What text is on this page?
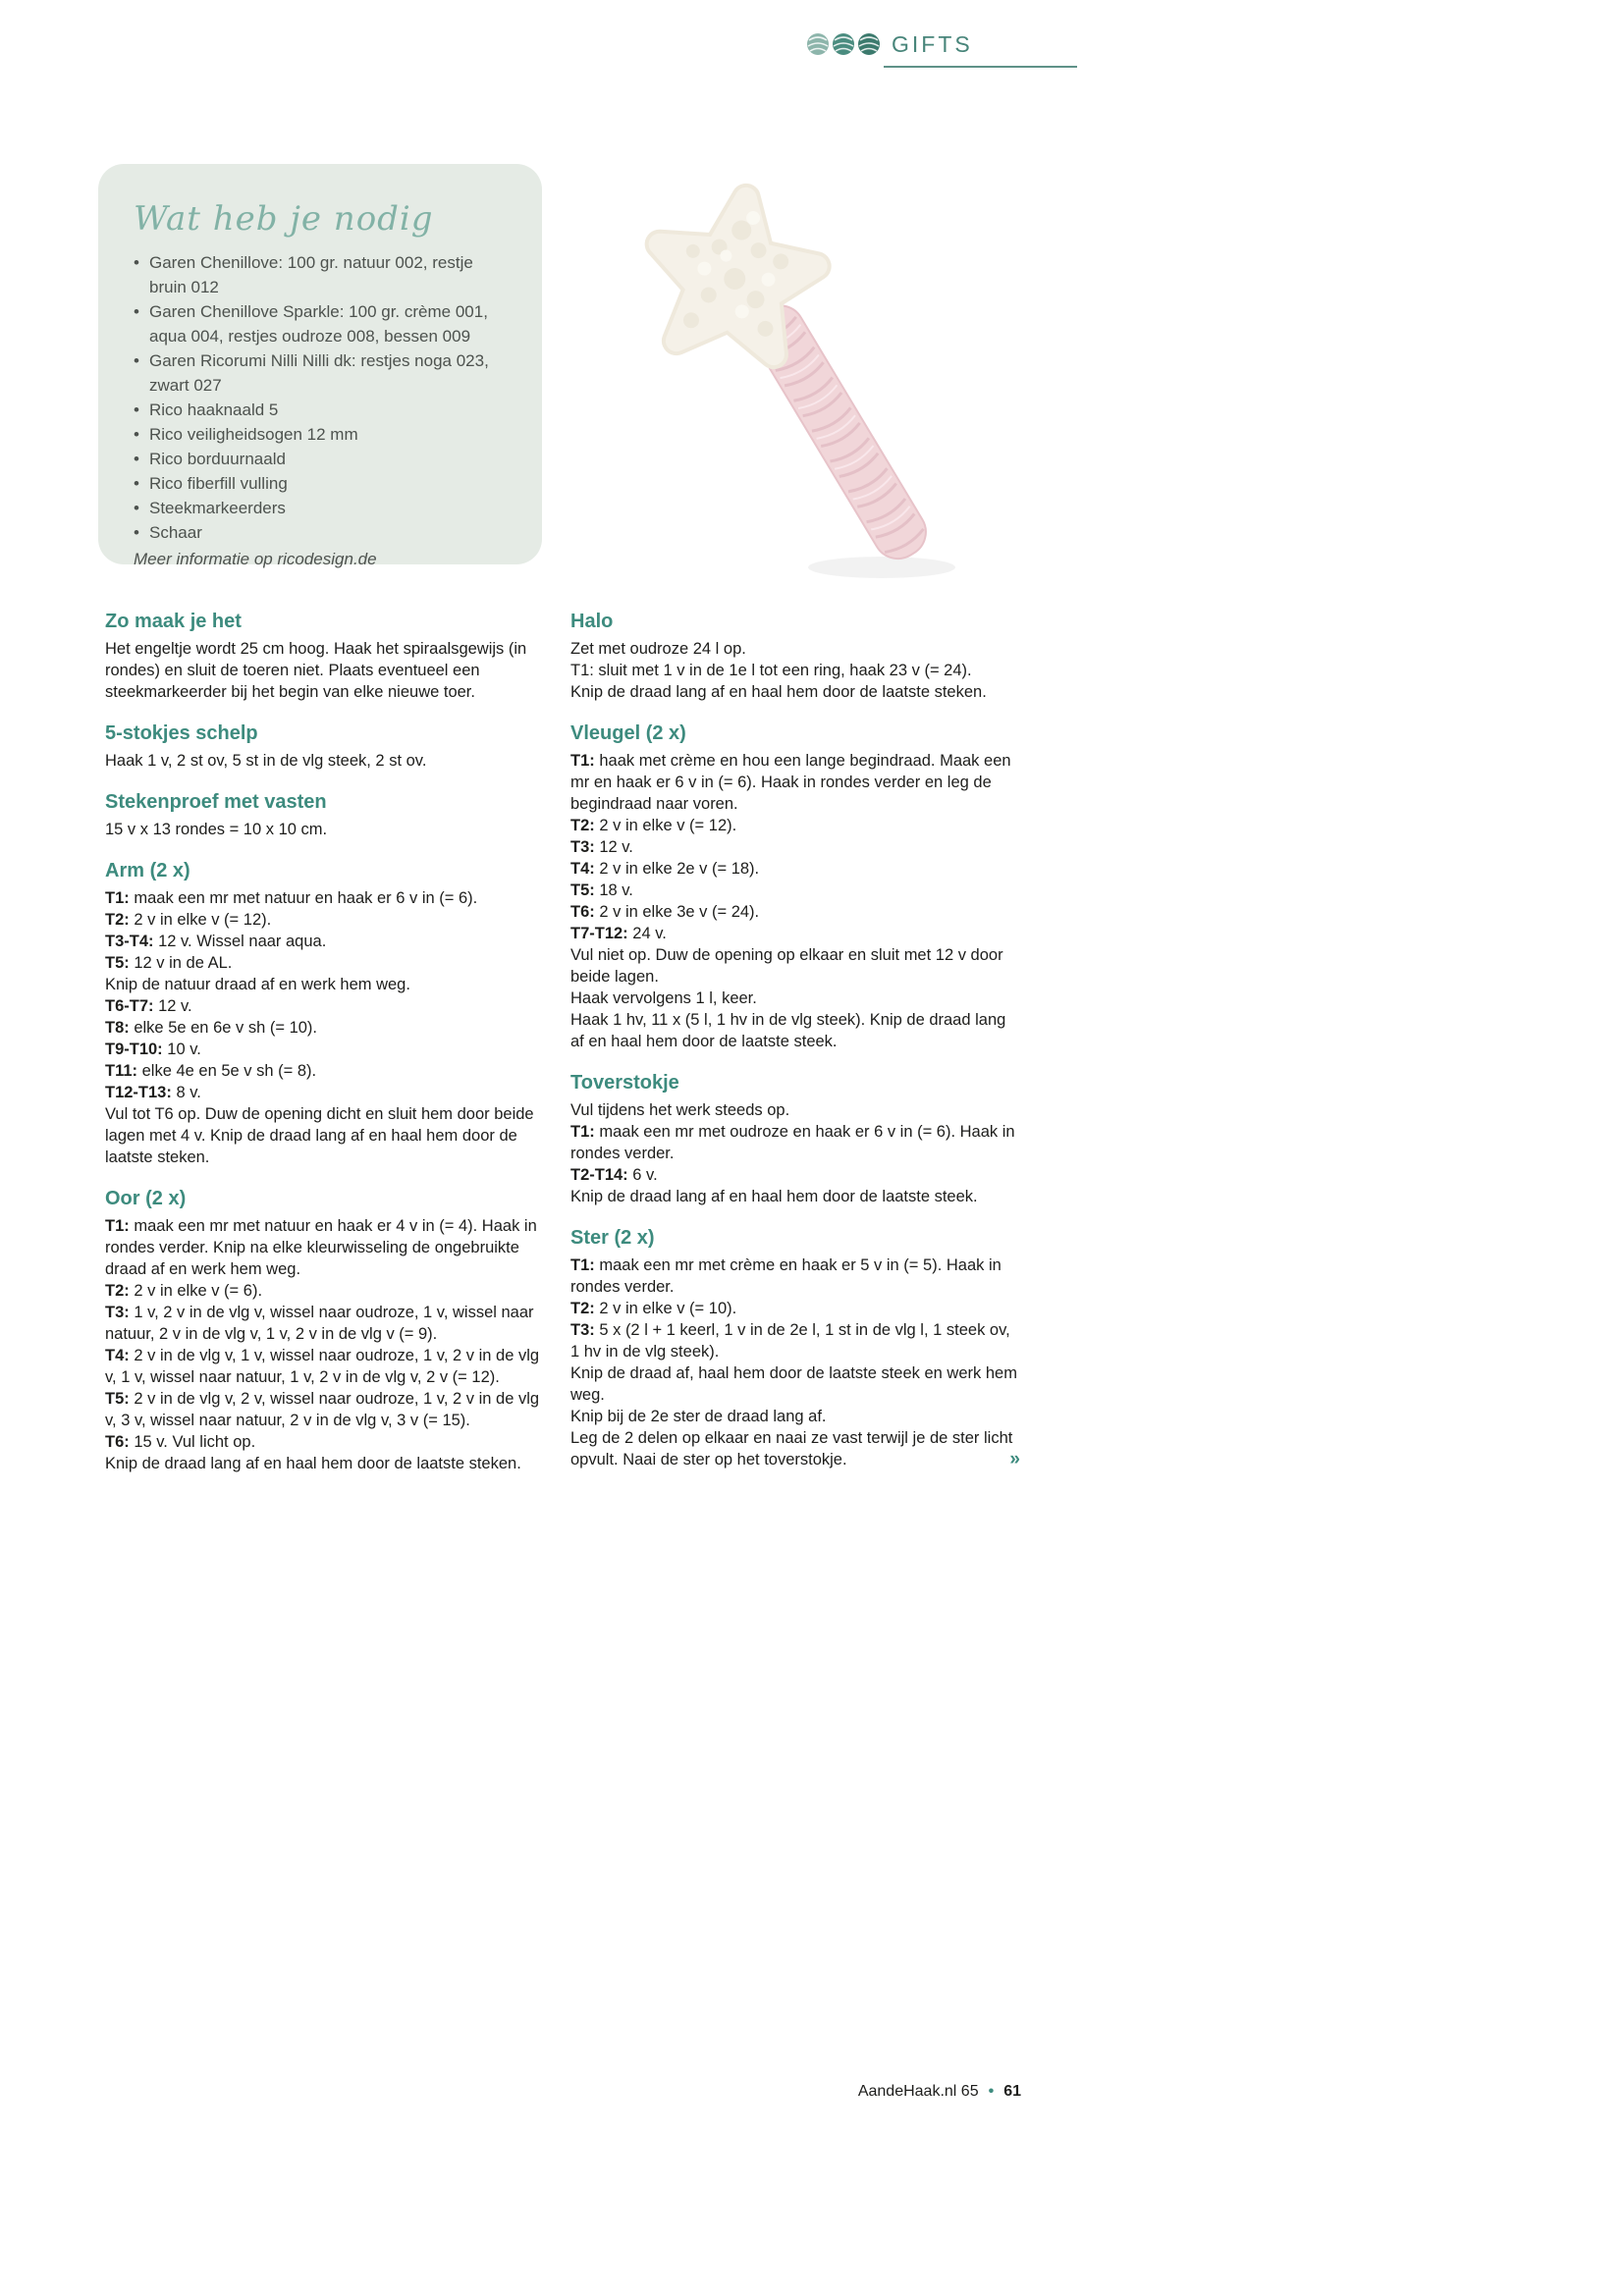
GIFTS
Wat heb je nodig
• Garen Chenillove: 100 gr. natuur 002, restje bruin 012
• Garen Chenillove Sparkle: 100 gr. crème 001, aqua 004, restjes oudroze 008, bessen 009
• Garen Ricorumi Nilli Nilli dk: restjes noga 023, zwart 027
• Rico haaknaald 5
• Rico veiligheidsogen 12 mm
• Rico borduurnaald
• Rico fiberfill vulling
• Steekmarkeerders
• Schaar

Meer informatie op ricodesign.de

Zo maak je het

Het engeltje wordt 25 cm hoog. Haak het spiraalsgewijs (in rondes) en sluit de toeren niet. Plaats eventueel een steekmarkeerder bij het begin van elke nieuwe toer.

5-stokjes schelp

Haak 1 v, 2 st ov, 5 st in de vlg steek, 2 st ov.

Stekenproef met vasten

15 v x 13 rondes = 10 x 10 cm.

Arm (2 x)

T1: maak een mr met natuur en haak er 6 v in (= 6).

T2: 2 v in elke v (= 12).

T3-T4: 12 v. Wissel naar aqua.

T5: 12 v in de AL.

Knip de natuur draad af en werk hem weg.

T6-T7: 12 v.

T8: elke 5e en 6e v sh (= 10).

T9-T10: 10 v.

T11: elke 4e en 5e v sh (= 8).

T12-T13: 8 v.

Vul tot T6 op. Duw de opening dicht en sluit hem door beide lagen met 4 v. Knip de draad lang af en haal hem door de laatste steken.

Oor (2 x)

T1: maak een mr met natuur en haak er 4 v in (= 4). Haak in rondes verder. Knip na elke kleurwisseling de ongebruikte draad af en werk hem weg.

T2: 2 v in elke v (= 6).

T3: 1 v, 2 v in de vlg v, wissel naar oudroze, 1 v, wissel naar natuur, 2 v in de vlg v, 1 v, 2 v in de vlg v (= 9).

T4: 2 v in de vlg v, 1 v, wissel naar oudroze, 1 v, 2 v in de vlg v, 1 v, wissel naar natuur, 1 v, 2 v in de vlg v, 2 v (= 12).

T5: 2 v in de vlg v, 2 v, wissel naar oudroze, 1 v, 2 v in de vlg v, 3 v, wissel naar natuur, 2 v in de vlg v, 3 v (= 15).

T6: 15 v. Vul licht op.

Knip de draad lang af en haal hem door de laatste steken.

Halo

Zet met oudroze 24 l op.

T1: sluit met 1 v in de 1e l tot een ring, haak 23 v (= 24).

Knip de draad lang af en haal hem door de laatste steken.

Vleugel (2 x)

T1: haak met crème en hou een lange begindraad. Maak een mr en haak er 6 v in (= 6). Haak in rondes verder en leg de begindraad naar voren.

T2: 2 v in elke v (= 12).

T3: 12 v.

T4: 2 v in elke 2e v (= 18).

T5: 18 v.

T6: 2 v in elke 3e v (= 24).

T7-T12: 24 v.

Vul niet op. Duw de opening op elkaar en sluit met 12 v door beide lagen.

Haak vervolgens 1 l, keer.

Haak 1 hv, 11 x (5 l, 1 hv in de vlg steek). Knip de draad lang af en haal hem door de laatste steek.

Toverstokje

Vul tijdens het werk steeds op.

T1: maak een mr met oudroze en haak er 6 v in (= 6). Haak in rondes verder.

T2-T14: 6 v.

Knip de draad lang af en haal hem door de laatste steek.

Ster (2 x)

T1: maak een mr met crème en haak er 5 v in (= 5). Haak in rondes verder.

T2: 2 v in elke v (= 10).

T3: 5 x (2 l + 1 keerl, 1 v in de 2e l, 1 st in de vlg l, 1 steek ov, 1 hv in de vlg steek).

Knip de draad af, haal hem door de laatste steek en werk hem weg.

Knip bij de 2e ster de draad lang af.

Leg de 2 delen op elkaar en naai ze vast terwijl je de ster licht opvult. Naai de ster op het toverstokje.	»

AandeHaak.nl 65 • 61
